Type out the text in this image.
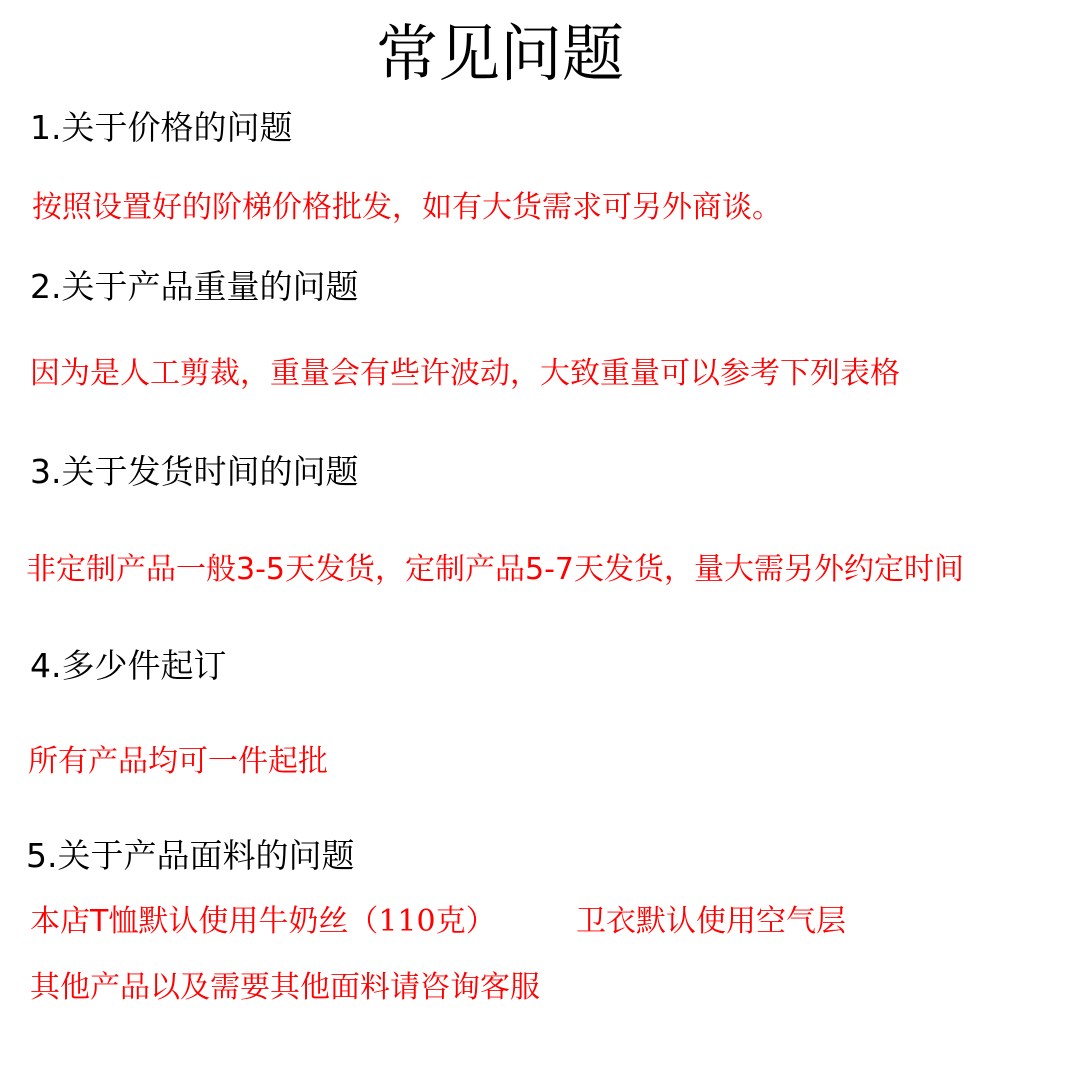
常见问题
1.关于价格的问题
按照设置好的阶梯价格批发，如有大货需求可另外商谈。
2.关于产品重量的问题
因为是人工剪裁，重量会有些许波动，大致重量可以参考下列表格
3.关于发货时间的问题
非定制产品一般3-5天发货，定制产品5-7天发货，量大需另外约定时间
4.多少件起订
所有产品均可一件起批
5.关于产品面料的问题
本店T恤默认使用牛奶丝（110克）	卫衣默认使用空气层
其他产品以及需要其他面料请咨询客服
